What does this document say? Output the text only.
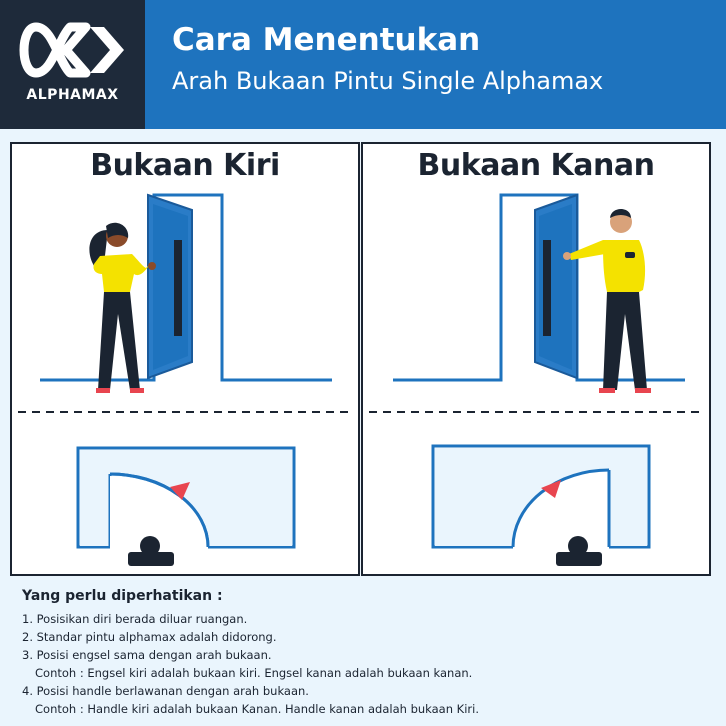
ALPHAMAX
Cara Menentukan
Arah Bukaan Pintu Single Alphamax
Bukaan Kiri	Bukaan Kanan
Yang perlu diperhatikan :
1. Posisikan diri berada diluar ruangan.
2. Standar pintu alphamax adalah didorong.
3. Posisi engsel sama dengan arah bukaan.
Contoh : Engsel kiri adalah bukaan kiri. Engsel kanan adalah bukaan kanan.
4. Posisi handle berlawanan dengan arah bukaan.
Contoh : Handle kiri adalah bukaan Kanan. Handle kanan adalah bukaan Kiri.
